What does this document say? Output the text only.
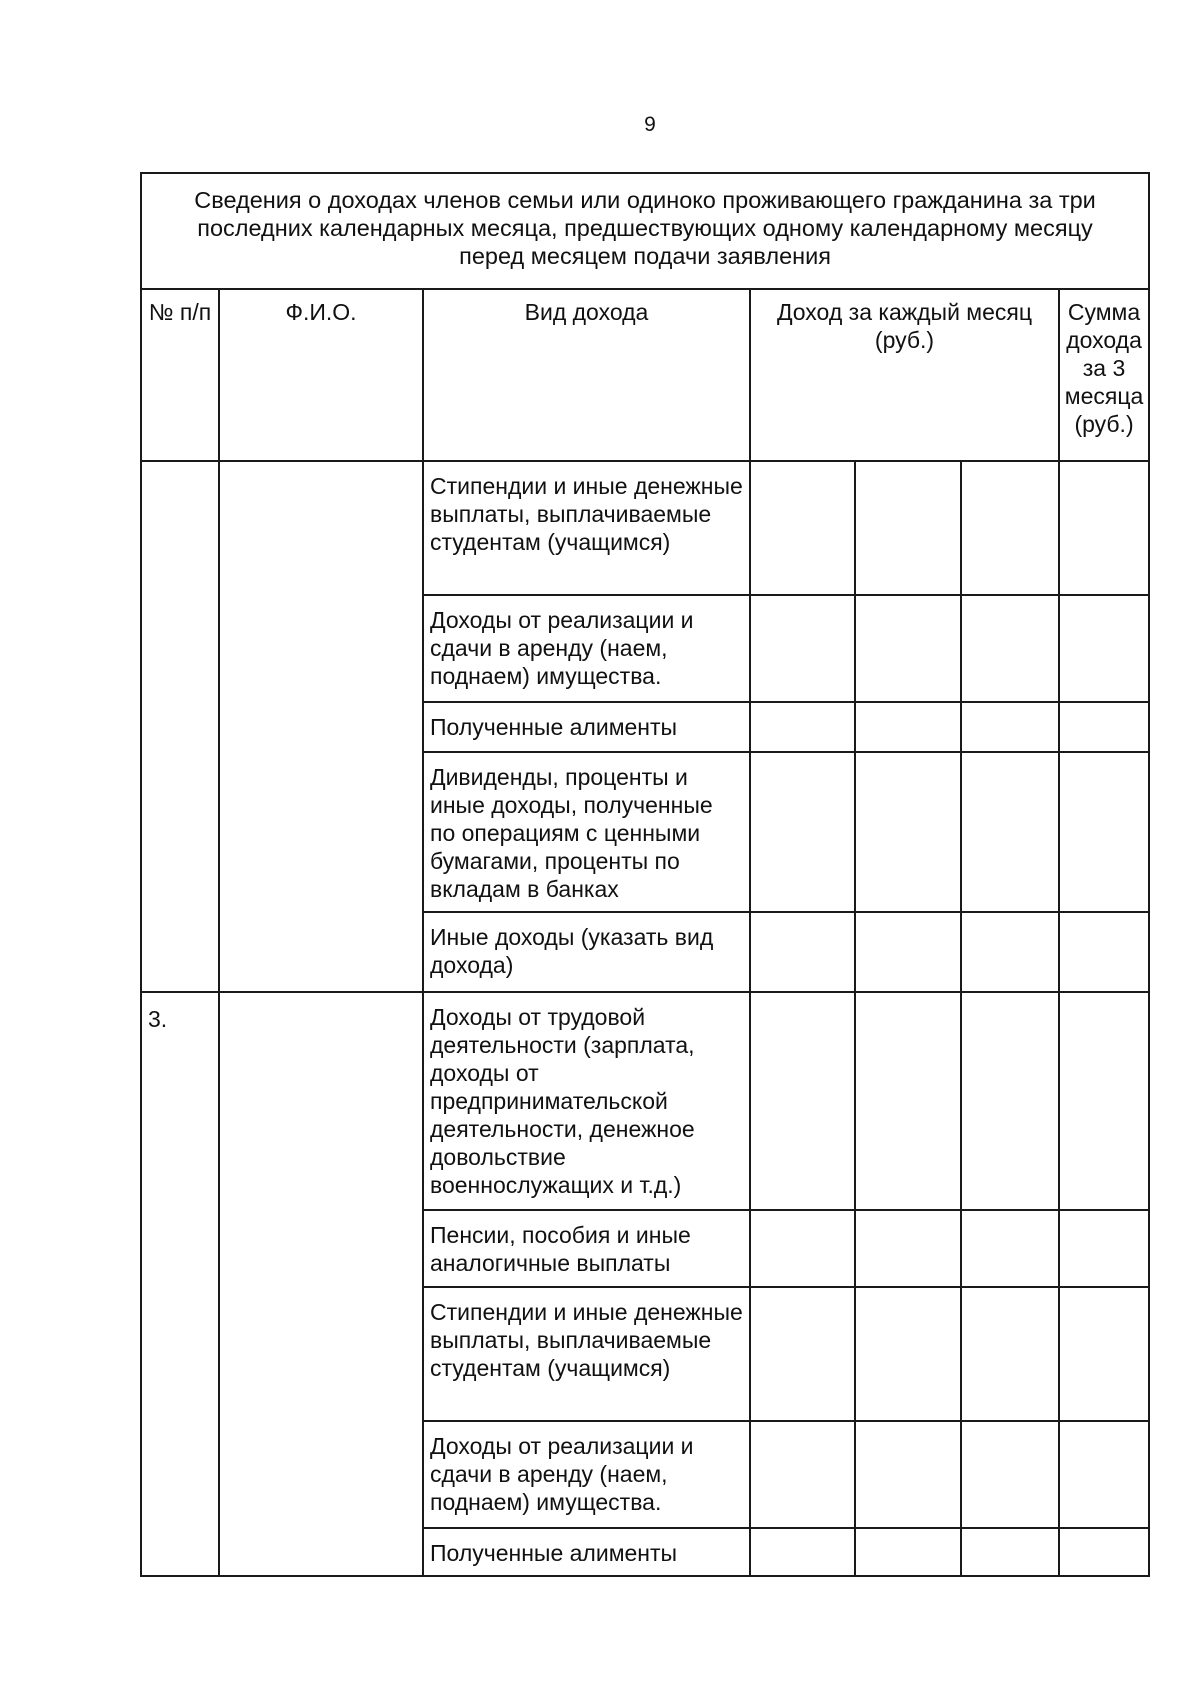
9
Сведения о доходах членов семьи или одиноко проживающего гражданина за три последних календарных месяца, предшествующих одному календарному месяцу перед месяцем подачи заявления						
№ п/п	Ф.И.О.	Вид дохода	Доход за каждый месяц (руб.)			Сумма дохода за 3 месяца (руб.)
		Стипендии и иные денежные выплаты, выплачиваемые студентам (учащимся)				
		Доходы от реализации и сдачи в аренду (наем, поднаем) имущества.				
		Полученные алименты				
		Дивиденды, проценты и иные доходы, полученные по операциям с ценными бумагами, проценты по вкладам в банках				
		Иные доходы (указать вид дохода)				
3.		Доходы от трудовой деятельности (зарплата, доходы от предпринимательской деятельности, денежное довольствие военнослужащих и т.д.)				
		Пенсии, пособия и иные аналогичные выплаты				
		Стипендии и иные денежные выплаты, выплачиваемые студентам (учащимся)				
		Доходы от реализации и сдачи в аренду (наем, поднаем) имущества.				
		Полученные алименты				
